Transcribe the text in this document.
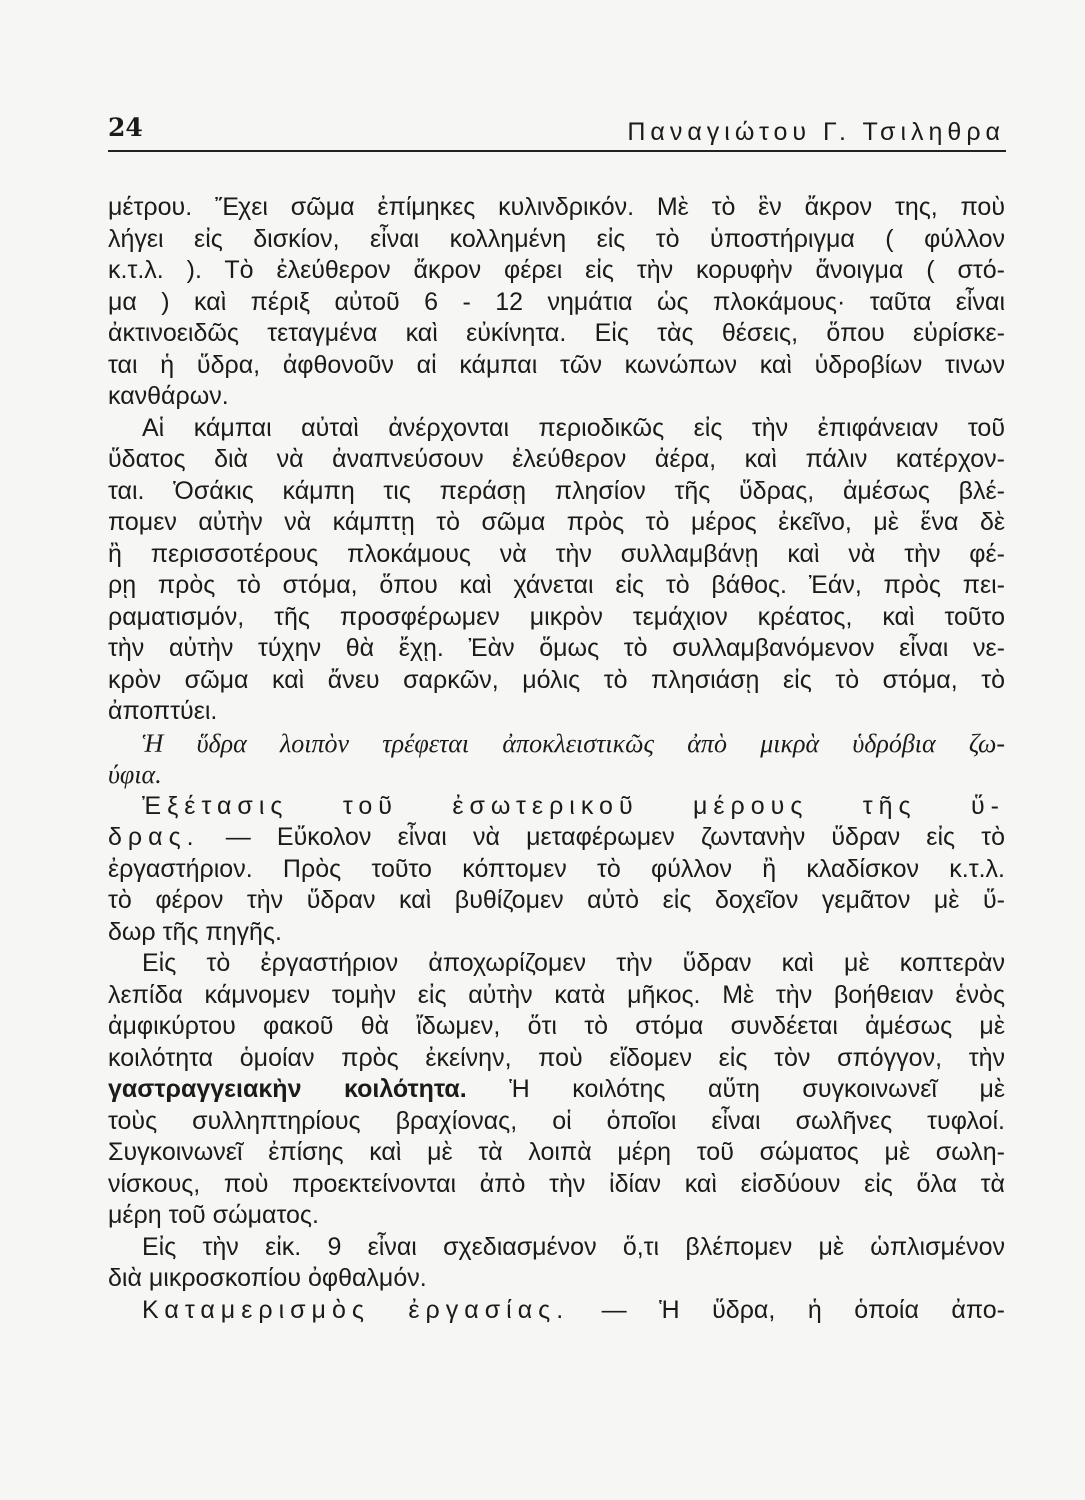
24	Παναγιώτου Γ. Τσιληθρα
μέτρου. Ἔχει σῶμα ἐπίμηκες κυλινδρικόν. Μὲ τὸ ἓν ἄκρον της, ποὺ
λήγει εἰς δισκίον, εἶναι κολλημένη εἰς τὸ ὑποστήριγμα ( φύλλον
κ.τ.λ. ). Τὸ ἐλεύθερον ἄκρον φέρει εἰς τὴν κορυφὴν ἄνοιγμα ( στό-
μα ) καὶ πέριξ αὐτοῦ 6 - 12 νημάτια ὡς πλοκάμους· ταῦτα εἶναι
ἀκτινοειδῶς τεταγμένα καὶ εὐκίνητα. Εἰς τὰς θέσεις, ὅπου εὑρίσκε-
ται ἡ ὕδρα, ἀφθονοῦν αἱ κάμπαι τῶν κωνώπων καὶ ὑδροβίων τινων
κανθάρων.
Αἱ κάμπαι αὐταὶ ἀνέρχονται περιοδικῶς εἰς τὴν ἐπιφάνειαν τοῦ
ὕδατος διὰ νὰ ἀναπνεύσουν ἐλεύθερον ἀέρα, καὶ πάλιν κατέρχον-
ται. Ὁσάκις κάμπη τις περάσῃ πλησίον τῆς ὕδρας, ἀμέσως βλέ-
πομεν αὐτὴν νὰ κάμπτῃ τὸ σῶμα πρὸς τὸ μέρος ἐκεῖνο, μὲ ἕνα δὲ
ἢ περισσοτέρους πλοκάμους νὰ τὴν συλλαμβάνῃ καὶ νὰ τὴν φέ-
ρῃ πρὸς τὸ στόμα, ὅπου καὶ χάνεται εἰς τὸ βάθος. Ἐάν, πρὸς πει-
ραματισμόν, τῆς προσφέρωμεν μικρὸν τεμάχιον κρέατος, καὶ τοῦτο
τὴν αὐτὴν τύχην θὰ ἔχῃ. Ἐὰν ὅμως τὸ συλλαμβανόμενον εἶναι νε-
κρὸν σῶμα καὶ ἄνευ σαρκῶν, μόλις τὸ πλησιάσῃ εἰς τὸ στόμα, τὸ
ἀποπτύει.
Ἡ ὕδρα λοιπὸν τρέφεται ἀποκλειστικῶς ἀπὸ μικρὰ ὑδρόβια ζω-
ύφια.
Ἐξέτασις τοῦ ἐσωτερικοῦ μέρους τῆς ὕ-
δρας. — Εὔκολον εἶναι νὰ μεταφέρωμεν ζωντανὴν ὕδραν εἰς τὸ
ἐργαστήριον. Πρὸς τοῦτο κόπτομεν τὸ φύλλον ἢ κλαδίσκον κ.τ.λ.
τὸ φέρον τὴν ὕδραν καὶ βυθίζομεν αὐτὸ εἰς δοχεῖον γεμᾶτον μὲ ὕ-
δωρ τῆς πηγῆς.
Εἰς τὸ ἐργαστήριον ἀποχωρίζομεν τὴν ὕδραν καὶ μὲ κοπτερὰν
λεπίδα κάμνομεν τομὴν εἰς αὐτὴν κατὰ μῆκος. Μὲ τὴν βοήθειαν ἑνὸς
ἀμφικύρτου φακοῦ θὰ ἴδωμεν, ὅτι τὸ στόμα συνδέεται ἀμέσως μὲ
κοιλότητα ὁμοίαν πρὸς ἐκείνην, ποὺ εἴδομεν εἰς τὸν σπόγγον, τὴν
γαστραγγειακὴν κοιλότητα. Ἡ κοιλότης αὕτη συγκοινωνεῖ μὲ
τοὺς συλληπτηρίους βραχίονας, οἱ ὁποῖοι εἶναι σωλῆνες τυφλοί.
Συγκοινωνεῖ ἐπίσης καὶ μὲ τὰ λοιπὰ μέρη τοῦ σώματος μὲ σωλη-
νίσκους, ποὺ προεκτείνονται ἀπὸ τὴν ἰδίαν καὶ εἰσδύουν εἰς ὅλα τὰ
μέρη τοῦ σώματος.
Εἰς τὴν εἰκ. 9 εἶναι σχεδιασμένον ὅ,τι βλέπομεν μὲ ὡπλισμένον
διὰ μικροσκοπίου ὀφθαλμόν.
Καταμερισμὸς ἐργασίας. — Ἡ ὕδρα, ἡ ὁποία ἀπο-
